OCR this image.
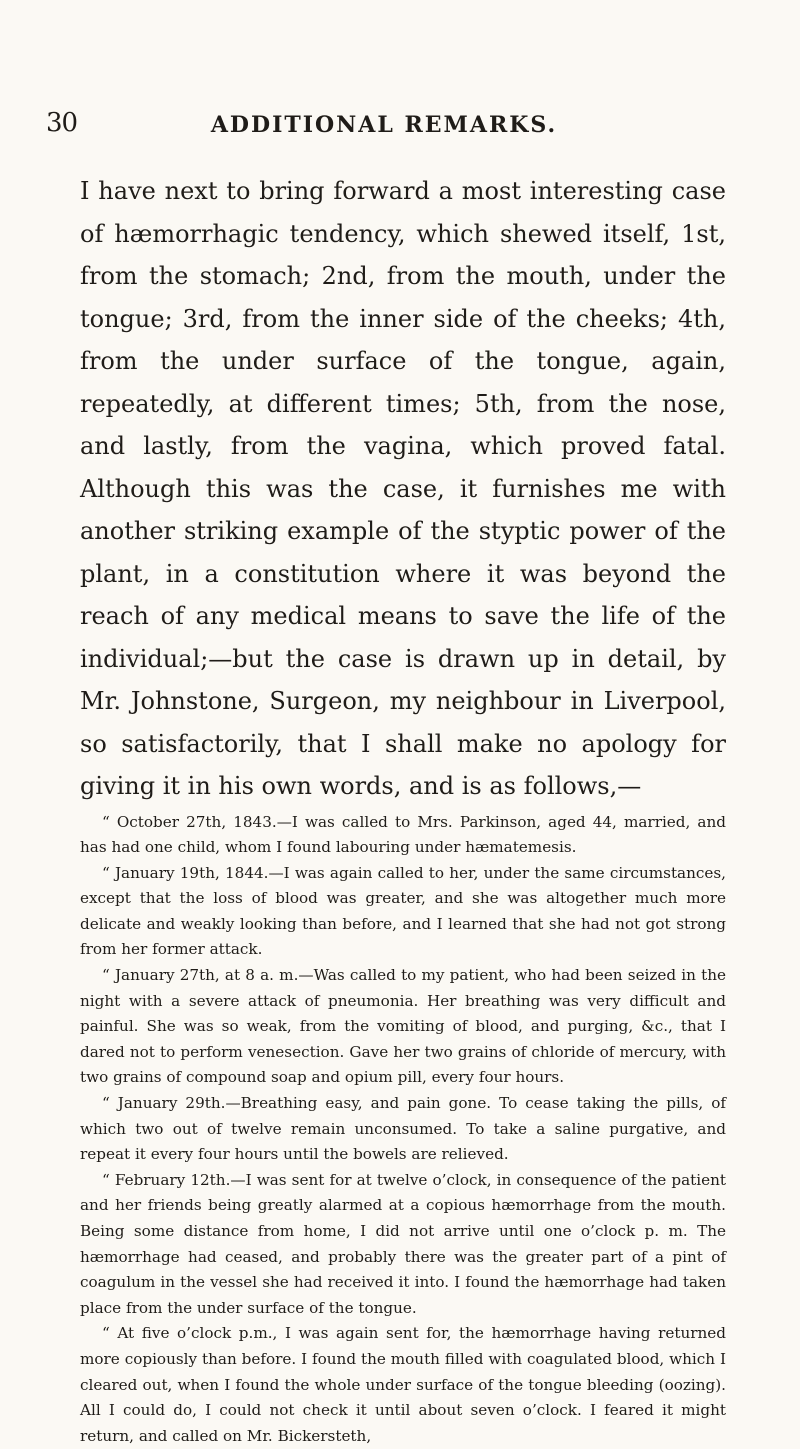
30	ADDITIONAL REMARKS.

I have next to bring forward a most interesting case of hæmorrhagic tendency, which shewed itself, 1st, from the stomach; 2nd, from the mouth, under the tongue; 3rd, from the inner side of the cheeks; 4th, from the under surface of the tongue, again, repeatedly, at different times; 5th, from the nose, and lastly, from the vagina, which proved fatal. Although this was the case, it furnishes me with another striking example of the styptic power of the plant, in a constitution where it was beyond the reach of any medical means to save the life of the individual;—but the case is drawn up in detail, by Mr. Johnstone, Surgeon, my neighbour in Liverpool, so satisfactorily, that I shall make no apology for giving it in his own words, and is as follows,—

“ October 27th, 1843.—I was called to Mrs. Parkinson, aged 44, married, and has had one child, whom I found labouring under hæmatemesis.

“ January 19th, 1844.—I was again called to her, under the same circumstances, except that the loss of blood was greater, and she was altogether much more delicate and weakly looking than before, and I learned that she had not got strong from her former attack.

“ January 27th, at 8 a. m.—Was called to my patient, who had been seized in the night with a severe attack of pneumonia. Her breathing was very difficult and painful. She was so weak, from the vomiting of blood, and purging, &c., that I dared not to perform venesection. Gave her two grains of chloride of mercury, with two grains of compound soap and opium pill, every four hours.

“ January 29th.—Breathing easy, and pain gone. To cease taking the pills, of which two out of twelve remain unconsumed. To take a saline purgative, and repeat it every four hours until the bowels are relieved.

“ February 12th.—I was sent for at twelve o’clock, in consequence of the patient and her friends being greatly alarmed at a copious hæmorrhage from the mouth. Being some distance from home, I did not arrive until one o’clock p. m. The hæmorrhage had ceased, and probably there was the greater part of a pint of coagulum in the vessel she had received it into. I found the hæmorrhage had taken place from the under surface of the tongue.

“ At five o’clock p.m., I was again sent for, the hæmorrhage having returned more copiously than before. I found the mouth filled with coagulated blood, which I cleared out, when I found the whole under surface of the tongue bleeding (oozing). All I could do, I could not check it until about seven o’clock. I feared it might return, and called on Mr. Bickersteth,
